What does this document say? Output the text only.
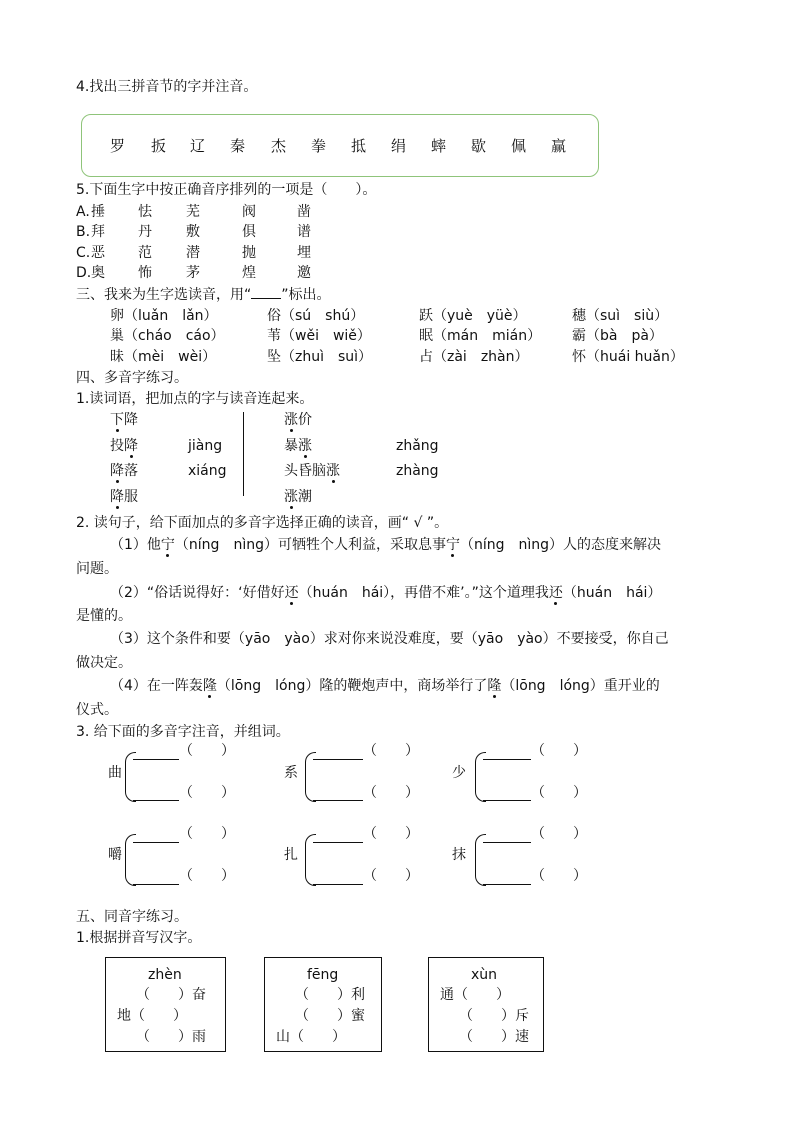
4.找出三拼音节的字并注音。
罗 扳 辽 秦 杰 拳 抵 绢 蟀 歇 佩 赢
5.下面生字中按正确音序排列的一项是（　　）。
A. 捶 怯 芜	阀	凿
B. 拜 丹 敷	俱	谱
C. 恶 范 潜	抛	埋
D. 奥 怖 茅	煌	邀
三、我来为生字选读音，用“ ”标出。
卵（luǎn　lǎn）	俗（sú　shú）	跃（yuè　yüè）	穗（suì　siù）
巢（cháo　cáo）	苇（wěi　wiě）	眠（mán　mián） 霸（bà　pà）
昧（mèi　wèi）	坠（zhuì　suì）	占（zài　zhàn）	怀（huái huǎn）
四、多音字练习。
1.读词语，把加点的字与读音连起来。
下降
投降
降落
降服
jiàng
xiáng
涨价
暴涨
头昏脑涨
涨潮
zhǎng
zhàng
2. 读句子，给下面加点的多音字选择正确的读音，画“ √ ”。
（1）他宁（níng　nìng）可牺牲个人利益，采取息事宁（níng　nìng）人的态度来解决
问题。
（2）“俗话说得好：‘好借好还（huán　hái），再借不难’。”这个道理我还（huán　hái）
是懂的。
（3）这个条件和要（yāo　yào）求对你来说没难度，要（yāo　yào）不要接受，你自己
做决定。
（4）在一阵轰隆（lōng　lóng）隆的鞭炮声中，商场举行了隆（lōng　lóng）重开业的
仪式。
3. 给下面的多音字注音，并组词。
曲
（　　）
（　　）
系
（　　）
（　　）
少
（　　）
（　　）
嚼
（　　）
（　　）
扎
（　　）
（　　）
抹
（　　）
（　　）
五、同音字练习。
1.根据拼音写汉字。
zhèn
（　　）奋
地（　　）
（　　）雨
fēng
（　　）利
（　　）蜜
山（　　）
xùn
通（　　）
（　　）斥
（　　）速
